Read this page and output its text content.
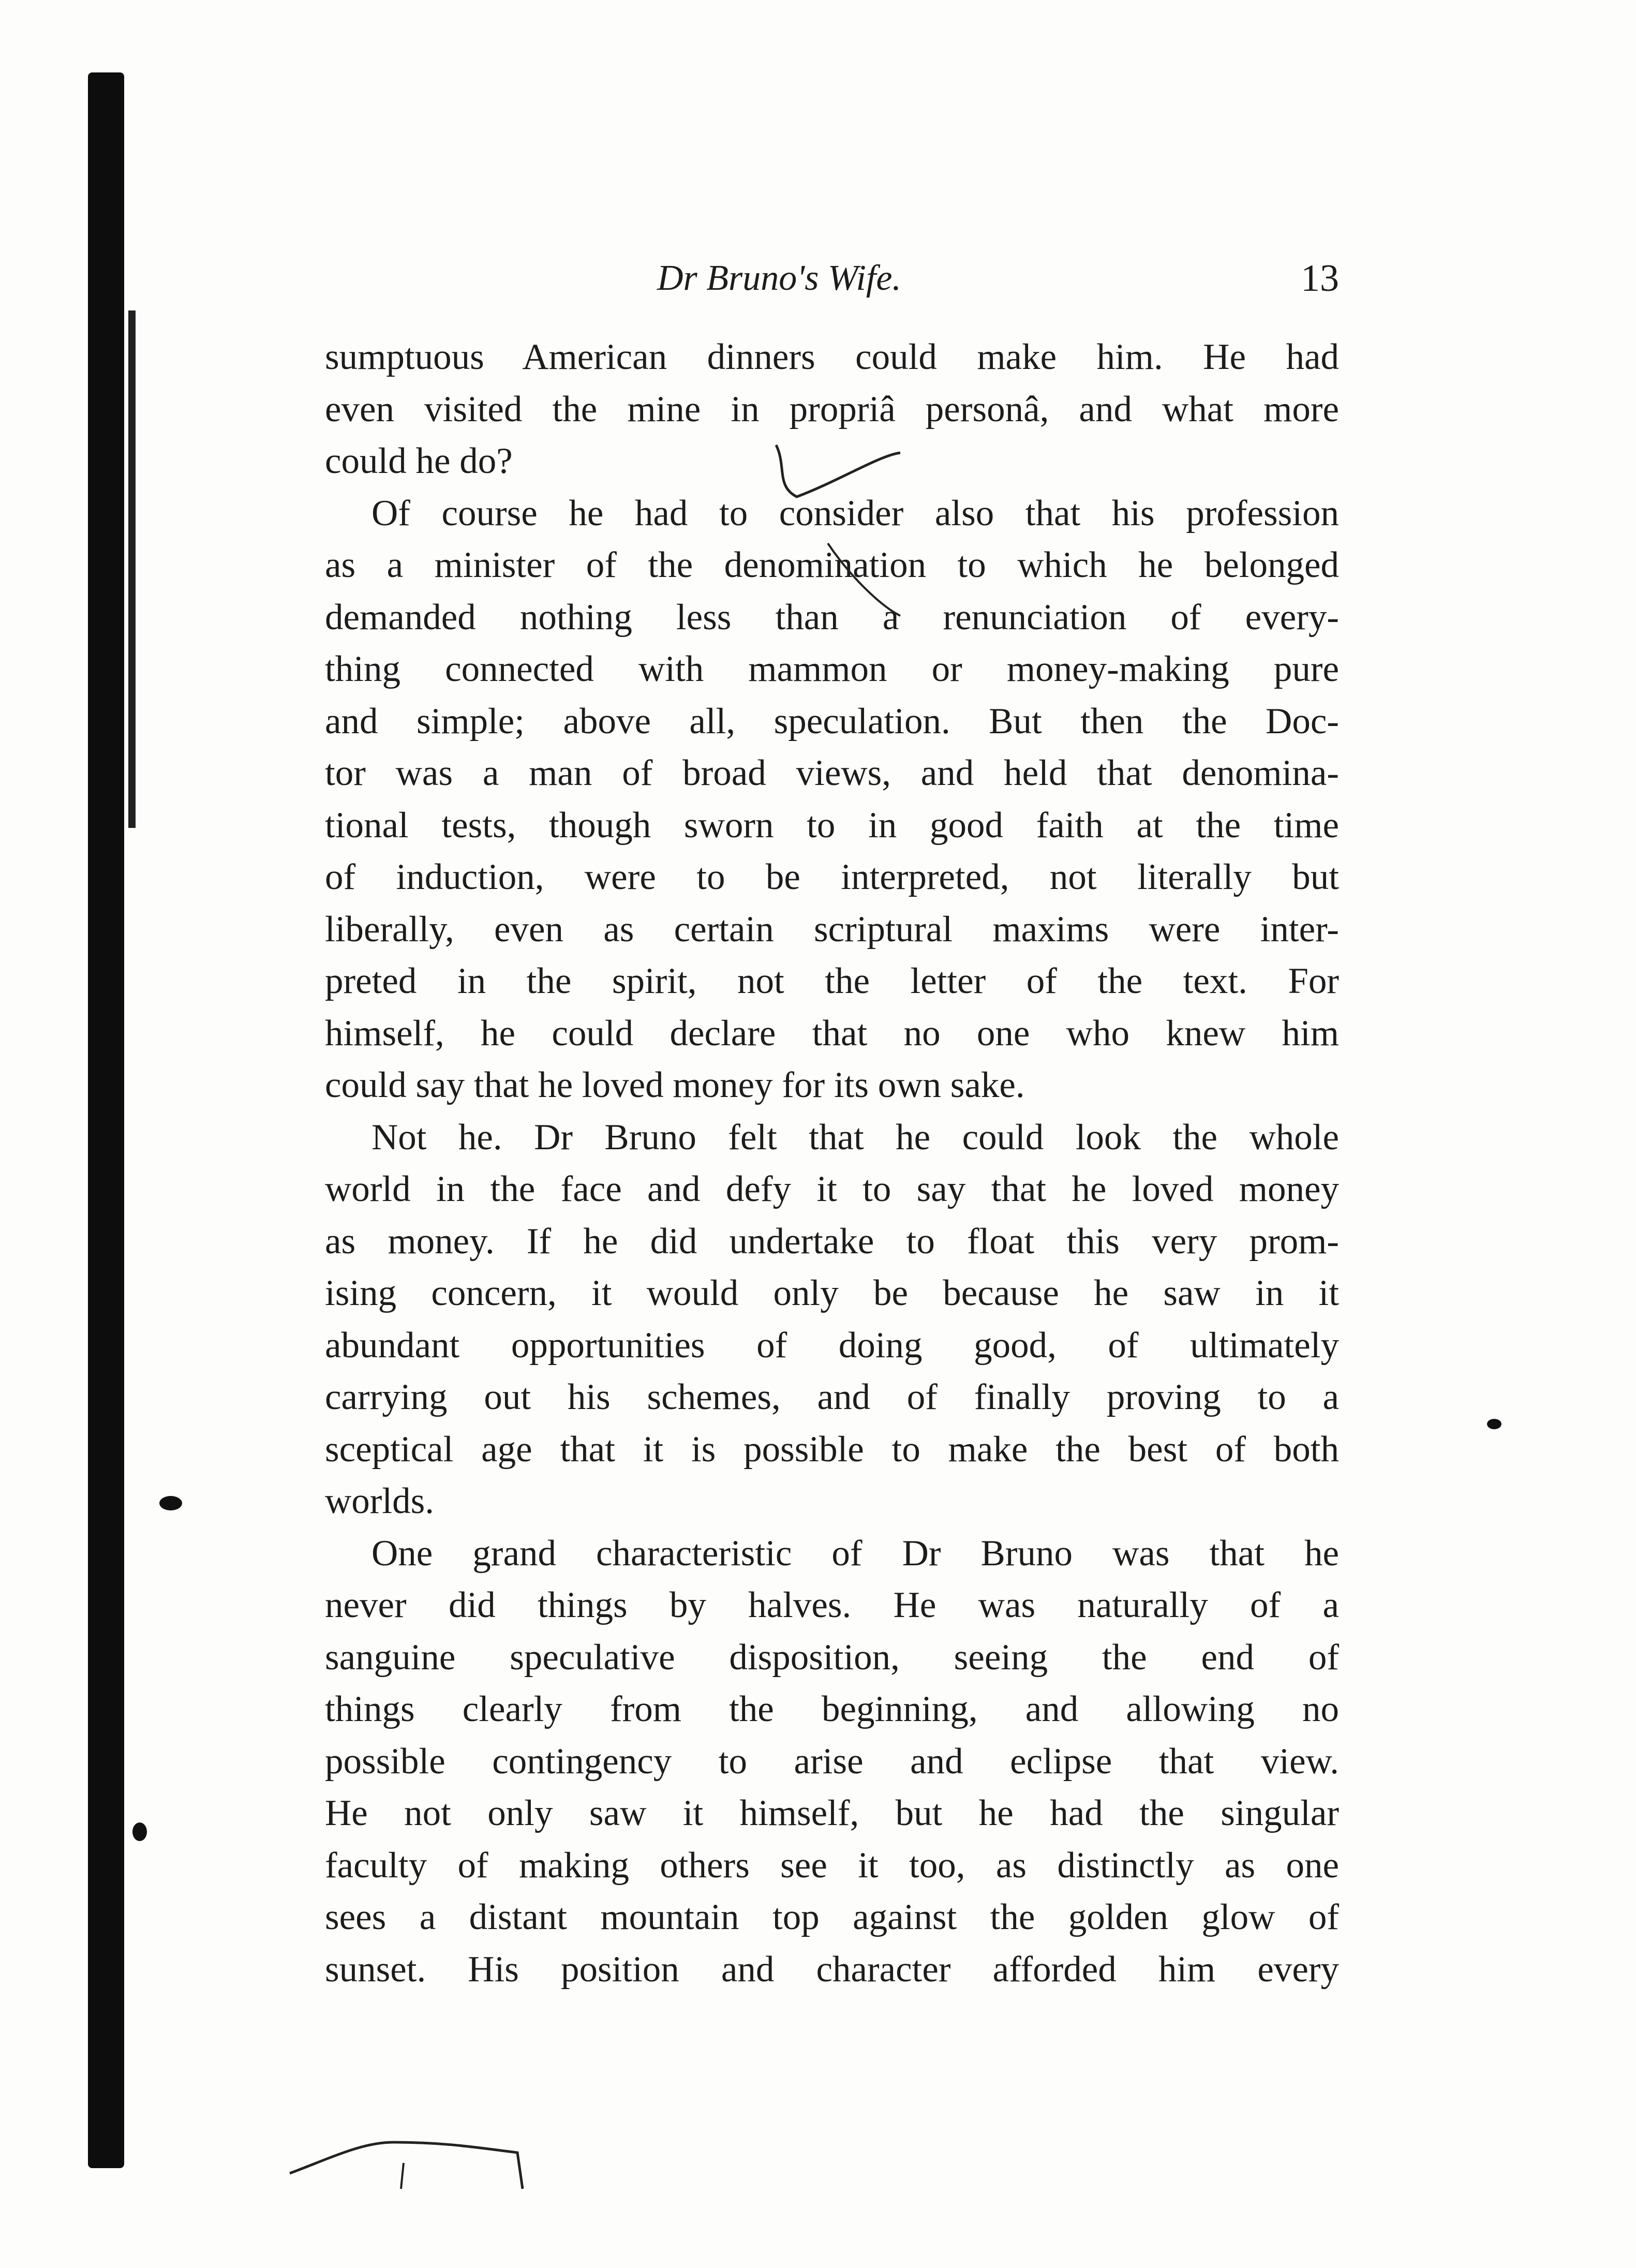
Dr Bruno's Wife.	13
sumptuous American dinners could make him. He had
even visited the mine in propriâ personâ, and what more
could he do?
Of course he had to consider also that his profession
as a minister of the denomination to which he belonged
demanded nothing less than a renunciation of every-
thing connected with mammon or money-making pure
and simple; above all, speculation. But then the Doc-
tor was a man of broad views, and held that denomina-
tional tests, though sworn to in good faith at the time
of induction, were to be interpreted, not literally but
liberally, even as certain scriptural maxims were inter-
preted in the spirit, not the letter of the text. For
himself, he could declare that no one who knew him
could say that he loved money for its own sake.
Not he. Dr Bruno felt that he could look the whole
world in the face and defy it to say that he loved money
as money. If he did undertake to float this very prom-
ising concern, it would only be because he saw in it
abundant opportunities of doing good, of ultimately
carrying out his schemes, and of finally proving to a
sceptical age that it is possible to make the best of both
worlds.
One grand characteristic of Dr Bruno was that he
never did things by halves. He was naturally of a
sanguine speculative disposition, seeing the end of
things clearly from the beginning, and allowing no
possible contingency to arise and eclipse that view.
He not only saw it himself, but he had the singular
faculty of making others see it too, as distinctly as one
sees a distant mountain top against the golden glow of
sunset. His position and character afforded him every
